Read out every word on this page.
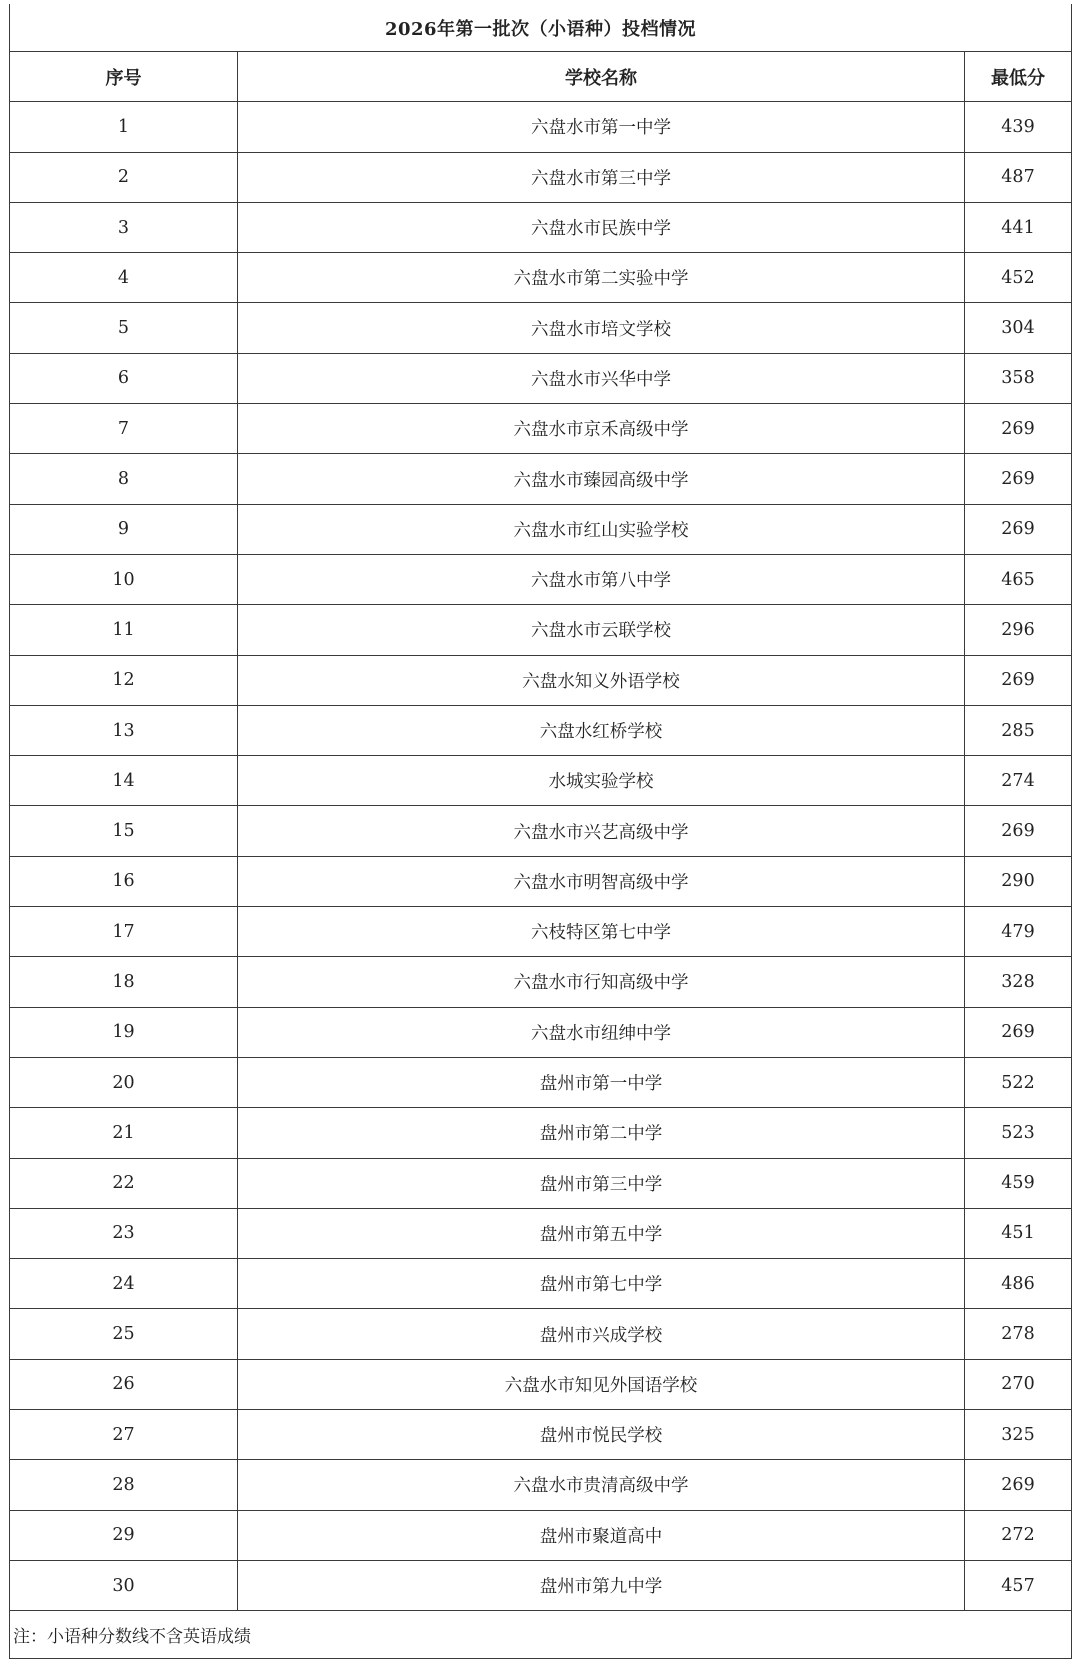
2026年第一批次（小语种）投档情况
序号	学校名称	最低分
1	六盘水市第一中学	439
2	六盘水市第三中学	487
3	六盘水市民族中学	441
4	六盘水市第二实验中学	452
5	六盘水市培文学校	304
6	六盘水市兴华中学	358
7	六盘水市京禾高级中学	269
8	六盘水市臻园高级中学	269
9	六盘水市红山实验学校	269
10	六盘水市第八中学	465
11	六盘水市云联学校	296
12	六盘水知义外语学校	269
13	六盘水红桥学校	285
14	水城实验学校	274
15	六盘水市兴艺高级中学	269
16	六盘水市明智高级中学	290
17	六枝特区第七中学	479
18	六盘水市行知高级中学	328
19	六盘水市纽绅中学	269
20	盘州市第一中学	522
21	盘州市第二中学	523
22	盘州市第三中学	459
23	盘州市第五中学	451
24	盘州市第七中学	486
25	盘州市兴成学校	278
26	六盘水市知见外国语学校	270
27	盘州市悦民学校	325
28	六盘水市贵清高级中学	269
29	盘州市聚道高中	272
30	盘州市第九中学	457
注：小语种分数线不含英语成绩
